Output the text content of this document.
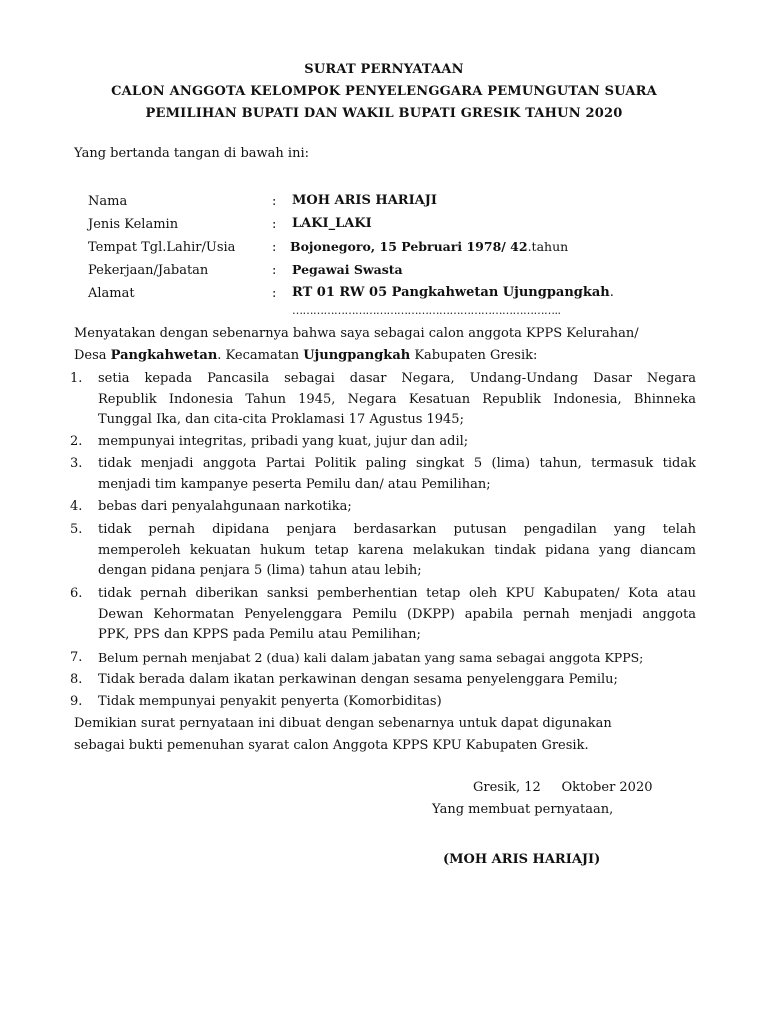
SURAT PERNYATAAN
CALON ANGGOTA KELOMPOK PENYELENGGARA PEMUNGUTAN SUARA
PEMILIHAN BUPATI DAN WAKIL BUPATI GRESIK TAHUN 2020
Yang bertanda tangan di bawah ini:
Nama	: MOH ARIS HARIAJI
Jenis Kelamin	: LAKI_LAKI
Tempat Tgl.Lahir/Usia	: Bojonegoro, 15 Pebruari 1978/ 42.tahun
Pekerjaan/Jabatan	: Pegawai Swasta
Alamat	: RT 01 RW 05 Pangkahwetan Ujungpangkah.
…………………………………………………………………..
Menyatakan dengan sebenarnya bahwa saya sebagai calon anggota KPPS Kelurahan/
Desa Pangkahwetan. Kecamatan Ujungpangkah Kabupaten Gresik:
1.	setia kepada Pancasila sebagai dasar Negara, Undang-Undang Dasar Negara
Republik Indonesia Tahun 1945, Negara Kesatuan Republik Indonesia, Bhinneka
Tunggal Ika, dan cita-cita Proklamasi 17 Agustus 1945;
2.	mempunyai integritas, pribadi yang kuat, jujur dan adil;
3.	tidak menjadi anggota Partai Politik paling singkat 5 (lima) tahun, termasuk tidak
menjadi tim kampanye peserta Pemilu dan/ atau Pemilihan;
4.	bebas dari penyalahgunaan narkotika;
5.	tidak pernah dipidana penjara berdasarkan putusan pengadilan yang telah
memperoleh kekuatan hukum tetap karena melakukan tindak pidana yang diancam
dengan pidana penjara 5 (lima) tahun atau lebih;
6.	tidak pernah diberikan sanksi pemberhentian tetap oleh KPU Kabupaten/ Kota atau
Dewan Kehormatan Penyelenggara Pemilu (DKPP) apabila pernah menjadi anggota
PPK, PPS dan KPPS pada Pemilu atau Pemilihan;
7.	Belum pernah menjabat 2 (dua) kali dalam jabatan yang sama sebagai anggota KPPS;
8.	Tidak berada dalam ikatan perkawinan dengan sesama penyelenggara Pemilu;
9.	Tidak mempunyai penyakit penyerta (Komorbiditas)
Demikian surat pernyataan ini dibuat dengan sebenarnya untuk dapat digunakan
sebagai bukti pemenuhan syarat calon Anggota KPPS KPU Kabupaten Gresik.
Gresik, 12     Oktober 2020
Yang membuat pernyataan,
(MOH ARIS HARIAJI)
